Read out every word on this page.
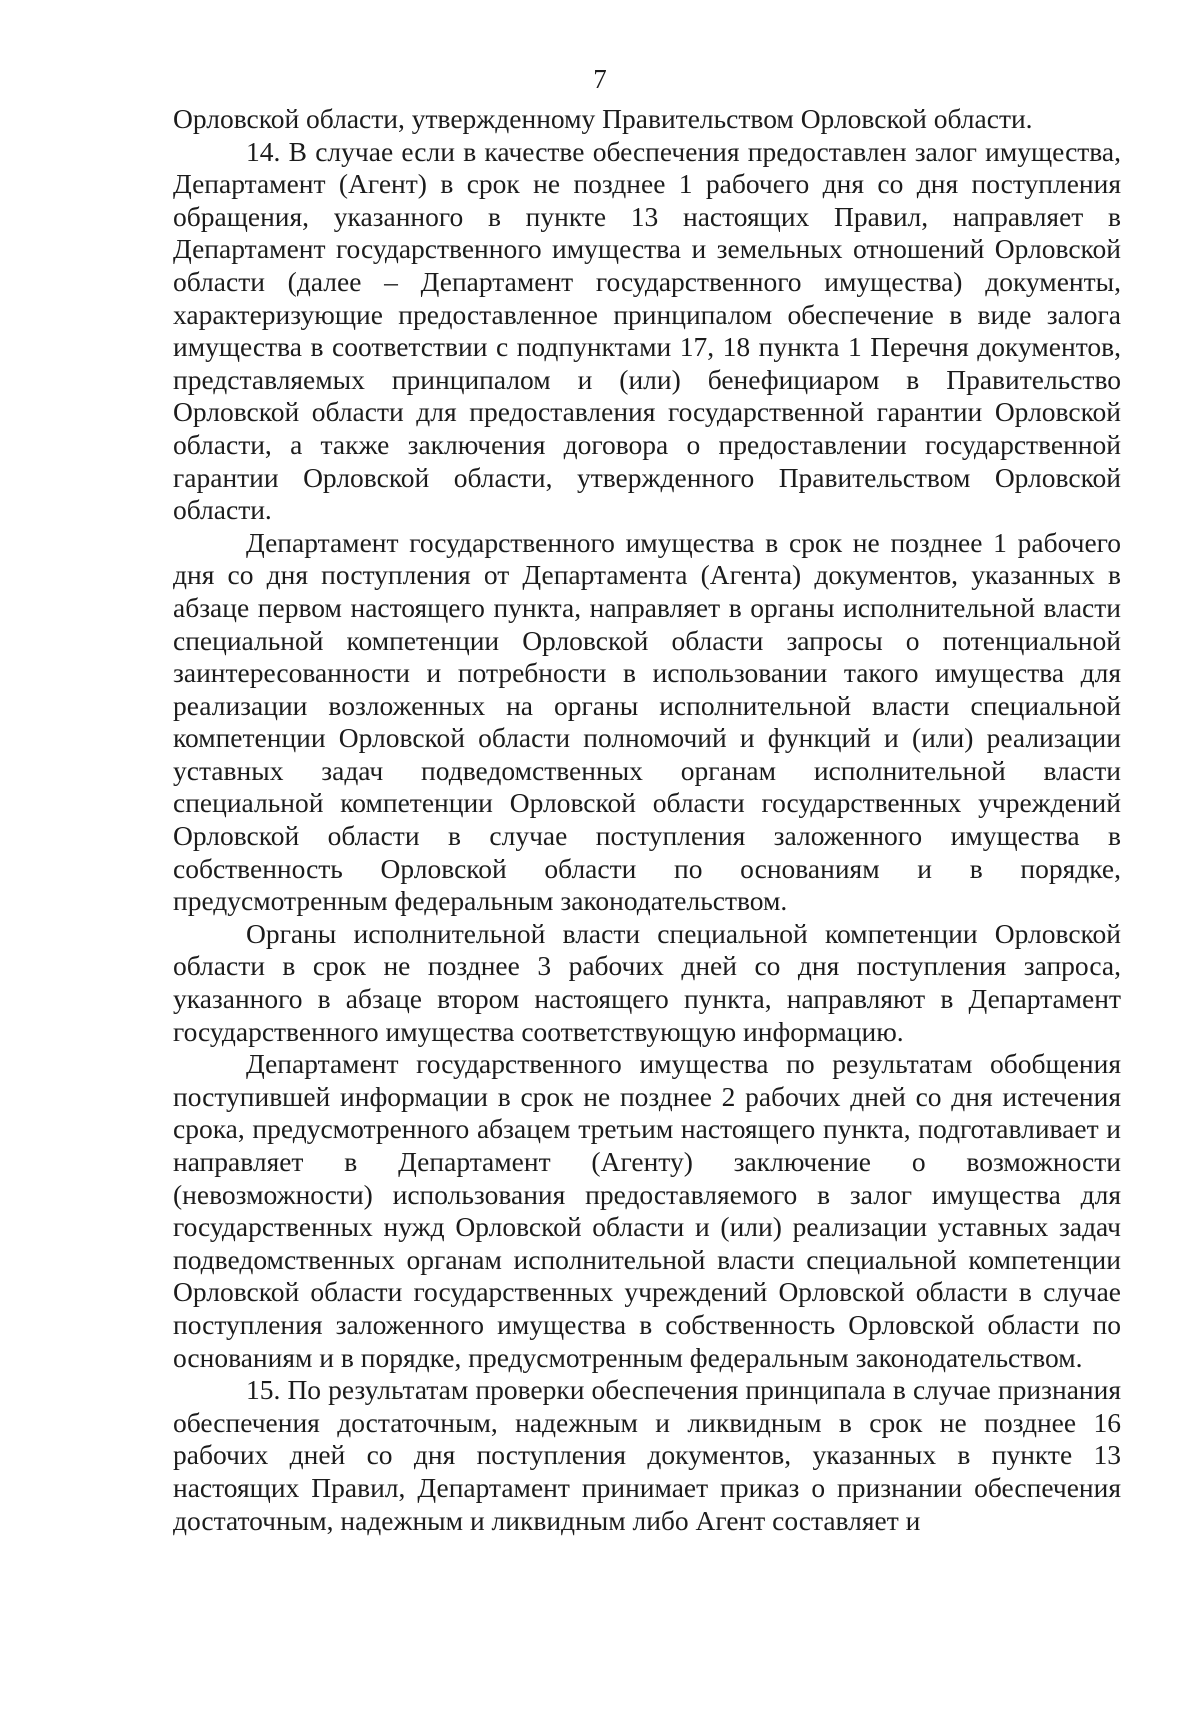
7

Орловской области, утвержденному Правительством Орловской области.

14. В случае если в качестве обеспечения предоставлен залог имущества, Департамент (Агент) в срок не позднее 1 рабочего дня со дня поступления обращения, указанного в пункте 13 настоящих Правил, направляет в Департамент государственного имущества и земельных отношений Орловской области (далее – Департамент государственного имущества) документы, характеризующие предоставленное принципалом обеспечение в виде залога имущества в соответствии с подпунктами 17, 18 пункта 1 Перечня документов, представляемых принципалом и (или) бенефициаром в Правительство Орловской области для предоставления государственной гарантии Орловской области, а также заключения договора о предоставлении государственной гарантии Орловской области, утвержденного Правительством Орловской области.

Департамент государственного имущества в срок не позднее 1 рабочего дня со дня поступления от Департамента (Агента) документов, указанных в абзаце первом настоящего пункта, направляет в органы исполнительной власти специальной компетенции Орловской области запросы о потенциальной заинтересованности и потребности в использовании такого имущества для реализации возложенных на органы исполнительной власти специальной компетенции Орловской области полномочий и функций и (или) реализации уставных задач подведомственных органам исполнительной власти специальной компетенции Орловской области государственных учреждений Орловской области в случае поступления заложенного имущества в собственность Орловской области по основаниям и в порядке, предусмотренным федеральным законодательством.

Органы исполнительной власти специальной компетенции Орловской области в срок не позднее 3 рабочих дней со дня поступления запроса, указанного в абзаце втором настоящего пункта, направляют в Департамент государственного имущества соответствующую информацию.

Департамент государственного имущества по результатам обобщения поступившей информации в срок не позднее 2 рабочих дней со дня истечения срока, предусмотренного абзацем третьим настоящего пункта, подготавливает и направляет в Департамент (Агенту) заключение о возможности (невозможности) использования предоставляемого в залог имущества для государственных нужд Орловской области и (или) реализации уставных задач подведомственных органам исполнительной власти специальной компетенции Орловской области государственных учреждений Орловской области в случае поступления заложенного имущества в собственность Орловской области по основаниям и в порядке, предусмотренным федеральным законодательством.

15. По результатам проверки обеспечения принципала в случае признания обеспечения достаточным, надежным и ликвидным в срок не позднее 16 рабочих дней со дня поступления документов, указанных в пункте 13 настоящих Правил, Департамент принимает приказ о признании обеспечения достаточным, надежным и ликвидным либо Агент составляет и
